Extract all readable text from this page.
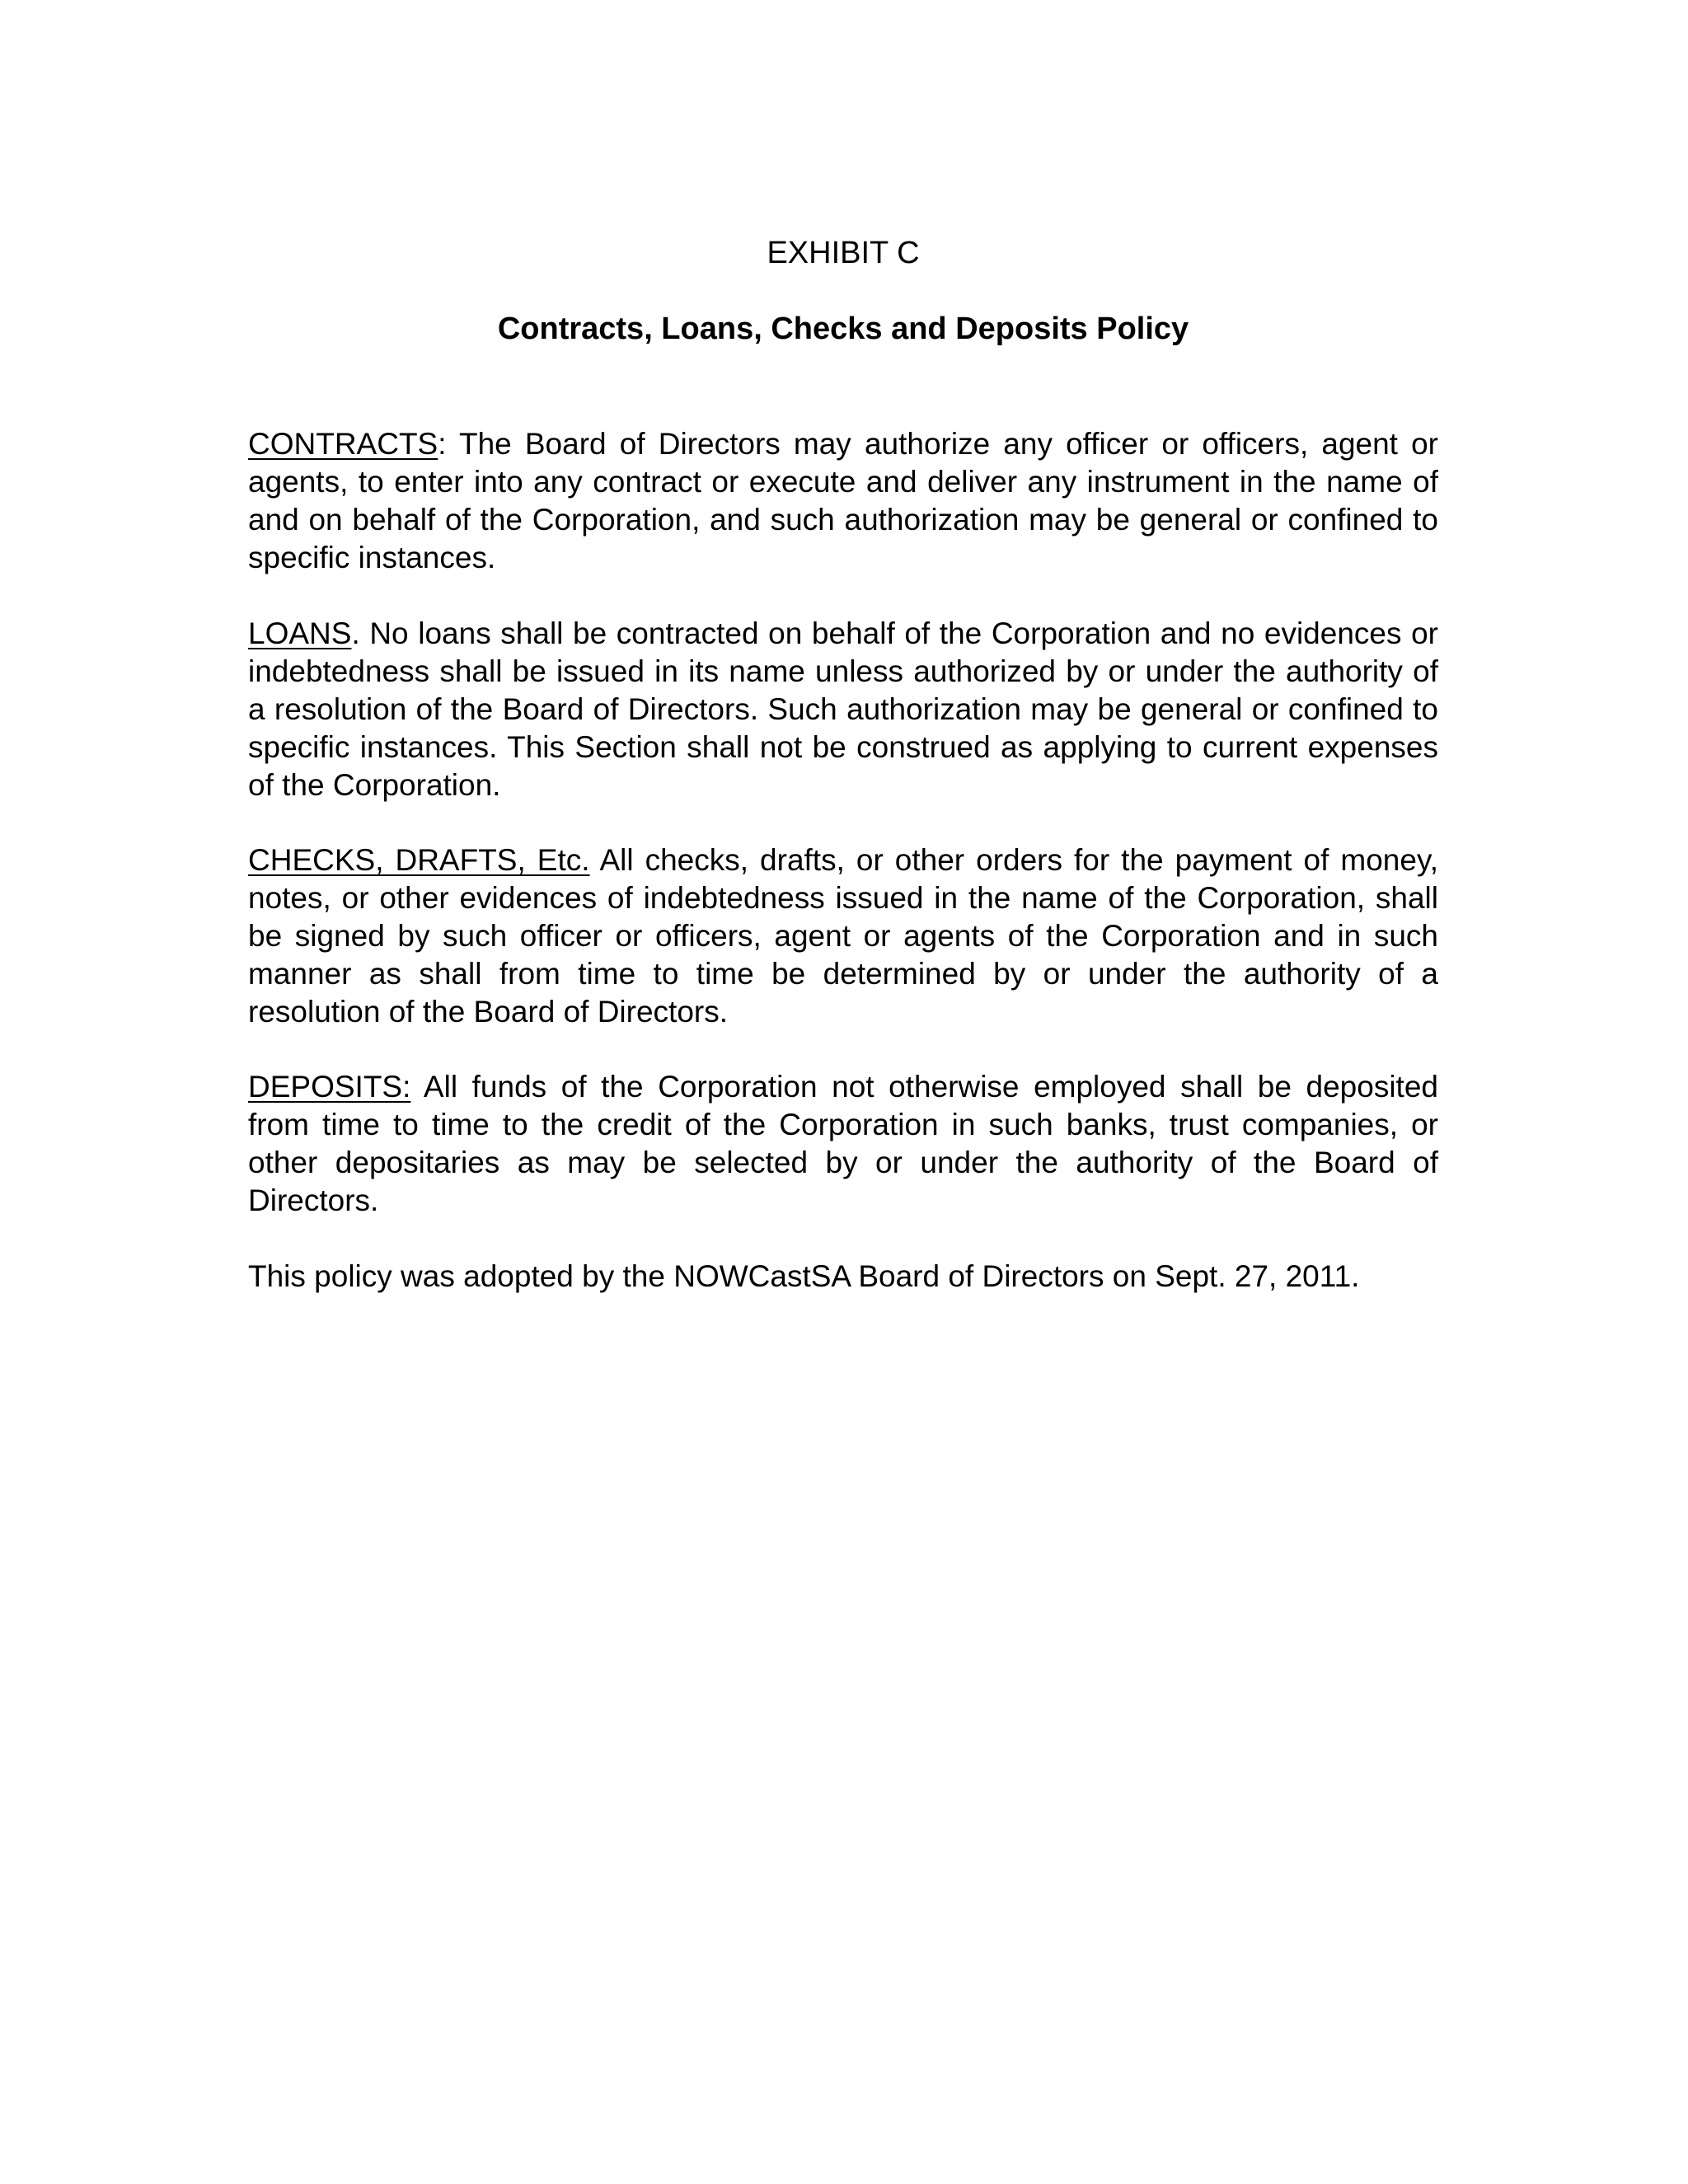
EXHIBIT C
Contracts, Loans, Checks and Deposits Policy

CONTRACTS: The Board of Directors may authorize any officer or officers, agent or agents, to enter into any contract or execute and deliver any instrument in the name of and on behalf of the Corporation, and such authorization may be general or confined to specific instances.

LOANS. No loans shall be contracted on behalf of the Corporation and no evidences or indebtedness shall be issued in its name unless authorized by or under the authority of a resolution of the Board of Directors. Such authorization may be general or confined to specific instances. This Section shall not be construed as applying to current expenses of the Corporation.

CHECKS, DRAFTS, Etc. All checks, drafts, or other orders for the payment of money, notes, or other evidences of indebtedness issued in the name of the Corporation, shall be signed by such officer or officers, agent or agents of the Corporation and in such manner as shall from time to time be determined by or under the authority of a resolution of the Board of Directors.

DEPOSITS: All funds of the Corporation not otherwise employed shall be deposited from time to time to the credit of the Corporation in such banks, trust companies, or other depositaries as may be selected by or under the authority of the Board of Directors.

This policy was adopted by the NOWCastSA Board of Directors on Sept. 27, 2011.
